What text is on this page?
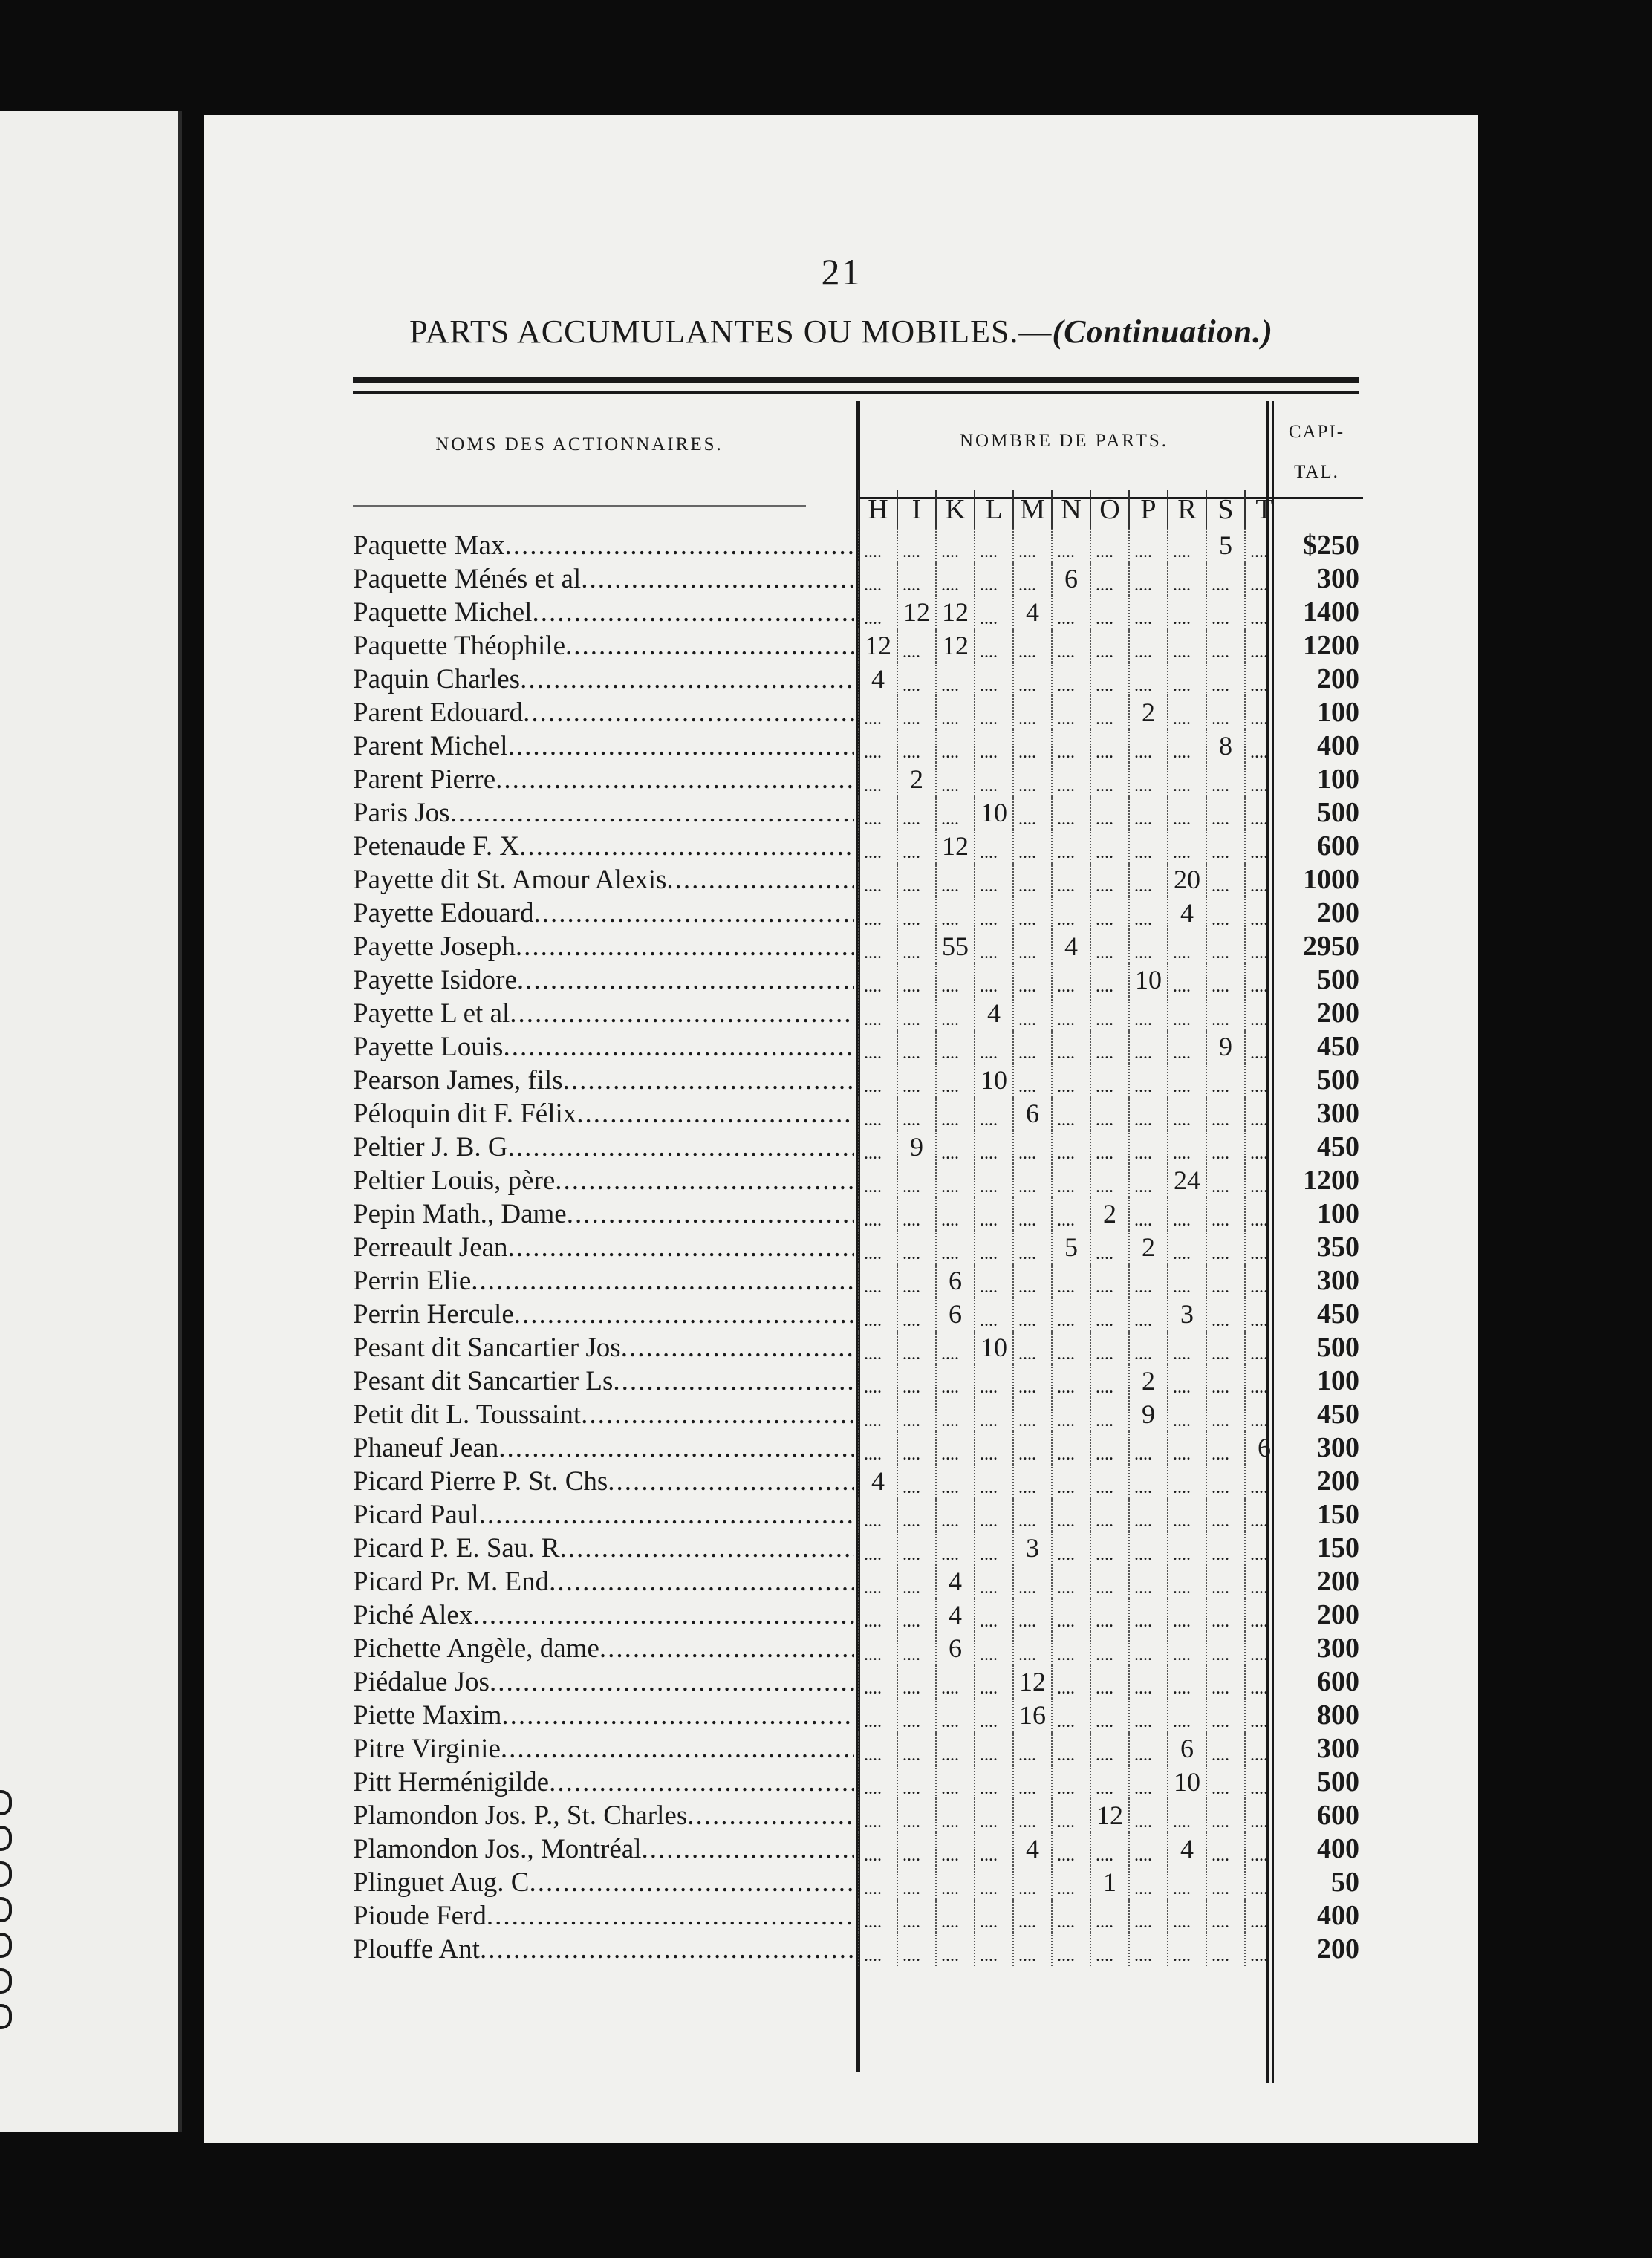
21
PARTS ACCUMULANTES OU MOBILES.—(Continuation.)
NOMS DES ACTIONNAIRES.	NOMBRE DE PARTS.	CAPI-
TAL.
H I K L M N O P R S T
Paquette Max ..... .... .... .... .... .... .... .... .... ....	5 ....	$250
Paquette Ménés et al ..... .... .... .... .... ....	6 .... .... .... .... ....	300
Paquette Michel ..... ....	12 12 ....	4 .... .... .... .... .... ....	1400
Paquette Théophile .....	12 .... 12 .... .... .... .... .... .... .... ....	1200
Paquin Charles .....	4 .... .... .... .... .... .... .... .... .... ....	200
Parent Edouard ..... .... .... .... .... .... .... ....	2 .... .... ....	100
Parent Michel ..... .... .... .... .... .... .... .... .... ....	8 ....	400
Parent Pierre ..... ....	2 .... .... .... .... .... .... .... .... ....	100
Paris Jos ..... .... .... ....	10 .... .... .... .... .... .... ....	500
Petenaude F. X ..... .... ....	12 .... .... .... .... .... .... .... ....	600
Payette dit St. Amour Alexis ..... .... .... .... .... .... .... .... ....	20 .... ....	1000
Payette Edouard ..... .... .... .... .... .... .... .... ....	4 .... ....	200
Payette Joseph ..... .... ....	55 .... ....	4 .... .... .... .... ....	2950
Payette Isidore ..... .... .... .... .... .... .... ....	10 .... .... ....	500
Payette L et al ..... .... .... ....	4 .... .... .... .... .... .... ....	200
Payette Louis ..... .... .... .... .... .... .... .... .... ....	9 ....	450
Pearson James, fils ..... .... .... ....	10 .... .... .... .... .... .... ....	500
Péloquin dit F. Félix ..... .... .... .... ....	6 .... .... .... .... .... ....	300
Peltier J. B. G ..... ....	9 .... .... .... .... .... .... .... .... ....	450
Peltier Louis, père ..... .... .... .... .... .... .... .... ....	24 .... ....	1200
Pepin Math., Dame ..... .... .... .... .... .... ....	2 .... .... .... ....	100
Perreault Jean ..... .... .... .... .... ....	5 ....	2 .... .... ....	350
Perrin Elie ..... .... ....	6 .... .... .... .... .... .... .... ....	300
Perrin Hercule ..... .... ....	6 .... .... .... .... ....	3 .... ....	450
Pesant dit Sancartier Jos ..... .... .... ....	10 .... .... .... .... .... .... ....	500
Pesant dit Sancartier Ls ..... .... .... .... .... .... .... ....	2 .... .... ....	100
Petit dit L. Toussaint ..... .... .... .... .... .... .... ....	9 .... .... ....	450
Phaneuf Jean ..... .... .... .... .... .... .... .... .... .... ....	6	300
Picard Pierre P. St. Chs .....	4 .... .... .... .... .... .... .... .... .... ....	200
Picard Paul ..... .... .... .... .... .... .... .... .... .... .... ....	150
Picard P. E. Sau. R ..... .... .... .... ....	3 .... .... .... .... .... ....	150
Picard Pr. M. End ..... .... ....	4 .... .... .... .... .... .... .... ....	200
Piché Alex ..... .... ....	4 .... .... .... .... .... .... .... ....	200
Pichette Angèle, dame ..... .... ....	6 .... .... .... .... .... .... .... ....	300
Piédalue Jos ..... .... .... .... ....	12 .... .... .... .... .... ....	600
Piette Maxim ..... .... .... .... ....	16 .... .... .... .... .... ....	800
Pitre Virginie ..... .... .... .... .... .... .... .... ....	6 .... ....	300
Pitt Herménigilde ..... .... .... .... .... .... .... .... ....	10 .... ....	500
Plamondon Jos. P., St. Charles ..... .... .... .... .... .... ....	12 .... .... .... ....	600
Plamondon Jos., Montréal ..... .... .... .... ....	4 .... .... ....	4 .... ....	400
Plinguet Aug. C ..... .... .... .... .... .... ....	1 .... .... .... ....	50
Pioude Ferd ..... .... .... .... .... .... .... .... .... .... .... ....	400
Plouffe Ant ..... .... .... .... .... .... .... .... .... .... .... ....	200
